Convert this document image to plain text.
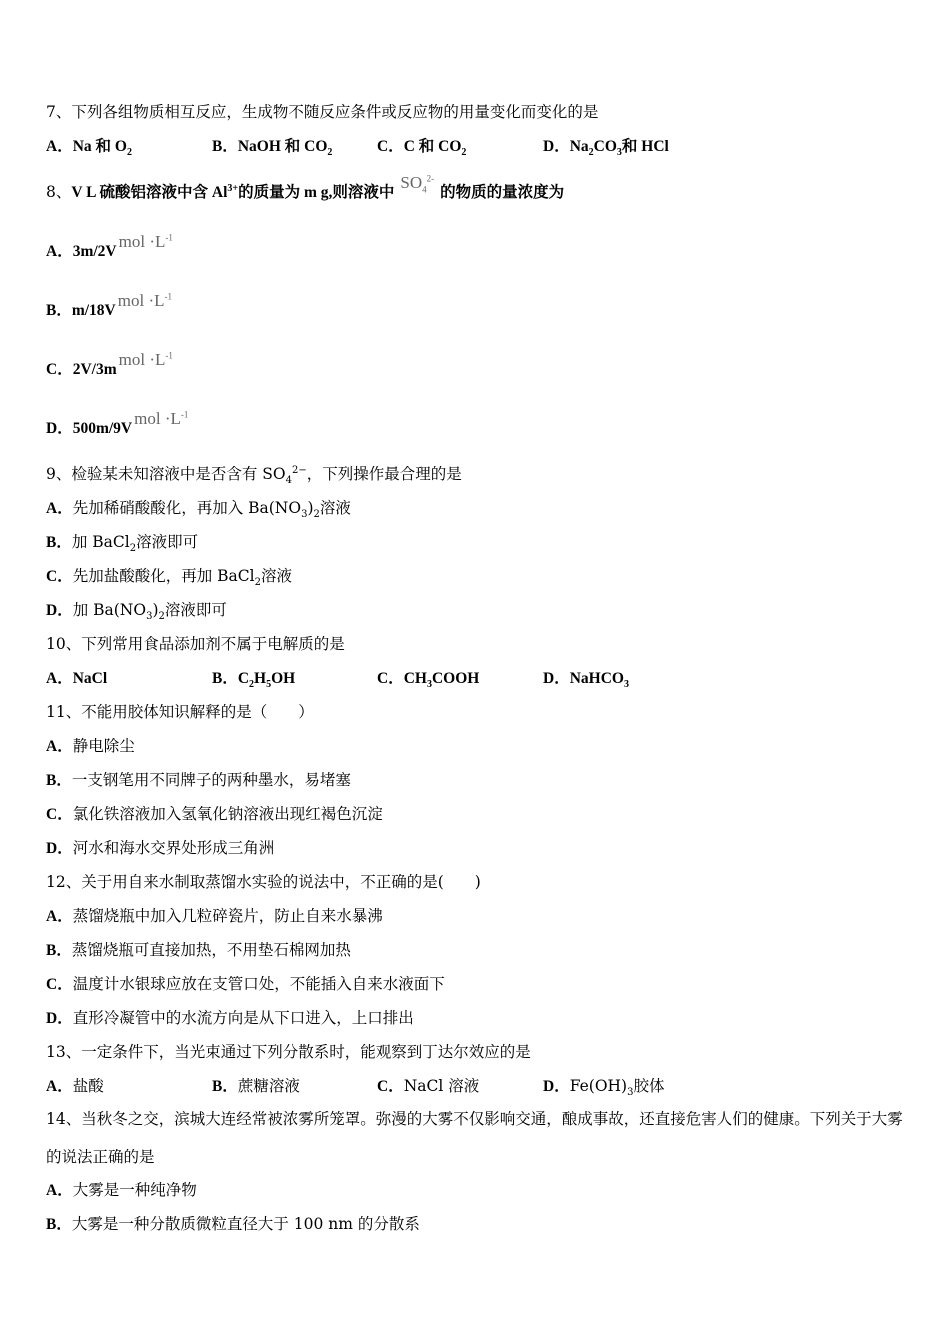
7、下列各组物质相互反应，生成物不随反应条件或反应物的用量变化而变化的是
A．Na 和 $O_2$	B．NaOH 和 $CO_2$	C．C 和 $CO_2$	D．$Na_2CO_3$和 HCl
8、V L 硫酸铝溶液中含 $Al^{3+}$的质量为 m g,则溶液中$SO_4^{2-}$的物质的量浓度为
A．3m/2Vmol $\cdot L^{-1}$
B．m/18Vmol $\cdot L^{-1}$
C．2V/3mmol $\cdot L^{-1}$
D．500m/9Vmol $\cdot L^{-1}$
9、检验某未知溶液中是否含有 $SO_4^{2-}$，下列操作最合理的是
A．先加稀硝酸酸化，再加入 $Ba(NO_3)_2$溶液
B．加 BaCl$_2$溶液即可
C．先加盐酸酸化，再加 BaCl$_2$溶液
D．加 $Ba(NO_3)_2$溶液即可
10、下列常用食品添加剂不属于电解质的是
A．NaCl	B．$C_2H_5OH$	C．$CH_3COOH$	D．NaHCO$_3$
11、不能用胶体知识解释的是（　　）
A．静电除尘
B．一支钢笔用不同牌子的两种墨水，易堵塞
C．氯化铁溶液加入氢氧化钠溶液出现红褐色沉淀
D．河水和海水交界处形成三角洲
12、关于用自来水制取蒸馏水实验的说法中，不正确的是(　　)
A．蒸馏烧瓶中加入几粒碎瓷片，防止自来水暴沸
B．蒸馏烧瓶可直接加热，不用垫石棉网加热
C．温度计水银球应放在支管口处，不能插入自来水液面下
D．直形冷凝管中的水流方向是从下口进入，上口排出
13、一定条件下，当光束通过下列分散系时，能观察到丁达尔效应的是
A．盐酸	B．蔗糖溶液	C．NaCl 溶液	D．$Fe(OH)_3$胶体
14、当秋冬之交，滨城大连经常被浓雾所笼罩。弥漫的大雾不仅影响交通，酿成事故，还直接危害人们的健康。下列关于大雾的说法正确的是
A．大雾是一种纯净物
B．大雾是一种分散质微粒直径大于 100 nm 的分散系
